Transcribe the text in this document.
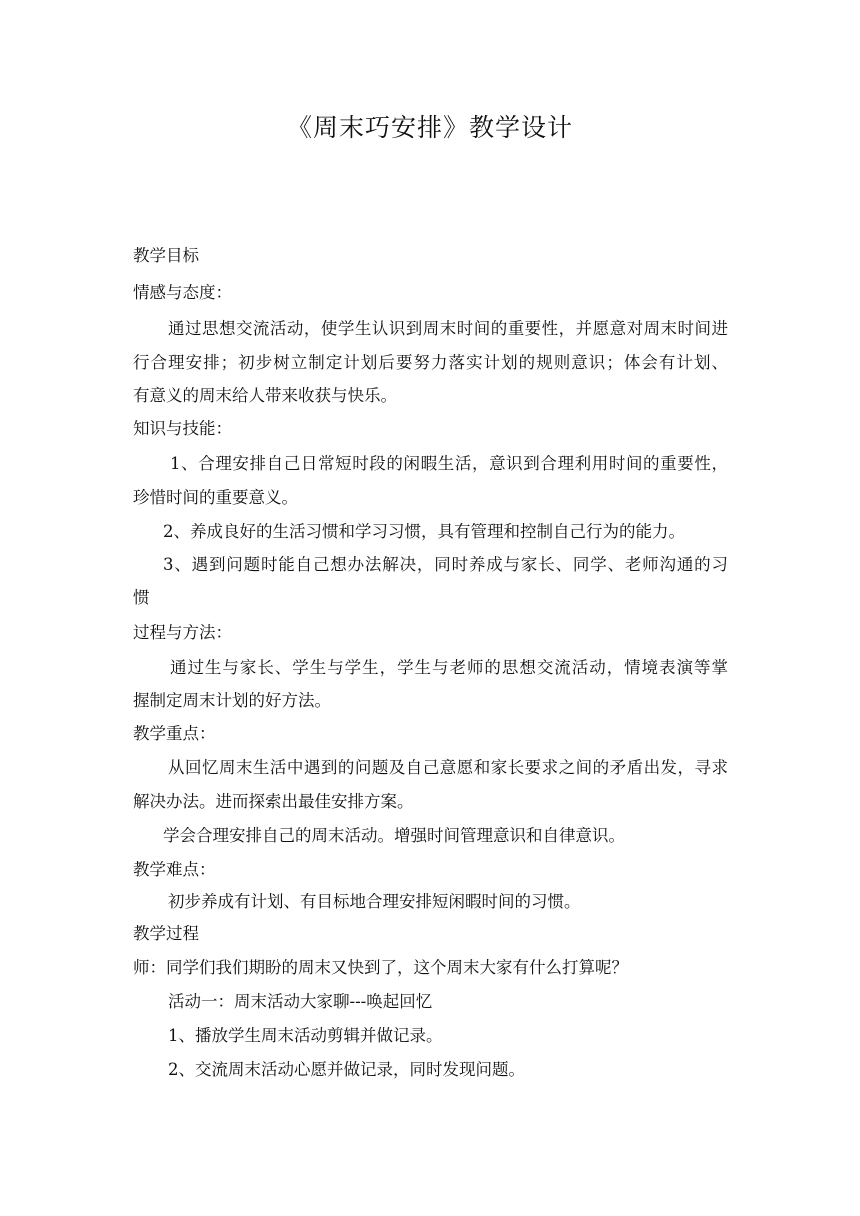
《周末巧安排》教学设计
教学目标
情感与态度：
通过思想交流活动，使学生认识到周末时间的重要性，并愿意对周末时间进
行合理安排；初步树立制定计划后要努力落实计划的规则意识；体会有计划、
有意义的周末给人带来收获与快乐。
知识与技能：
1、合理安排自己日常短时段的闲暇生活，意识到合理利用时间的重要性，
珍惜时间的重要意义。
2、养成良好的生活习惯和学习习惯，具有管理和控制自己行为的能力。
3、遇到问题时能自己想办法解决，同时养成与家长、同学、老师沟通的习
惯
过程与方法：
通过生与家长、学生与学生，学生与老师的思想交流活动，情境表演等掌
握制定周末计划的好方法。
教学重点：
从回忆周末生活中遇到的问题及自己意愿和家长要求之间的矛盾出发，寻求
解决办法。进而探索出最佳安排方案。
学会合理安排自己的周末活动。增强时间管理意识和自律意识。
教学难点：
初步养成有计划、有目标地合理安排短闲暇时间的习惯。
教学过程
师：同学们我们期盼的周末又快到了，这个周末大家有什么打算呢？
活动一：周末活动大家聊---唤起回忆
1、播放学生周末活动剪辑并做记录。
2、交流周末活动心愿并做记录，同时发现问题。
